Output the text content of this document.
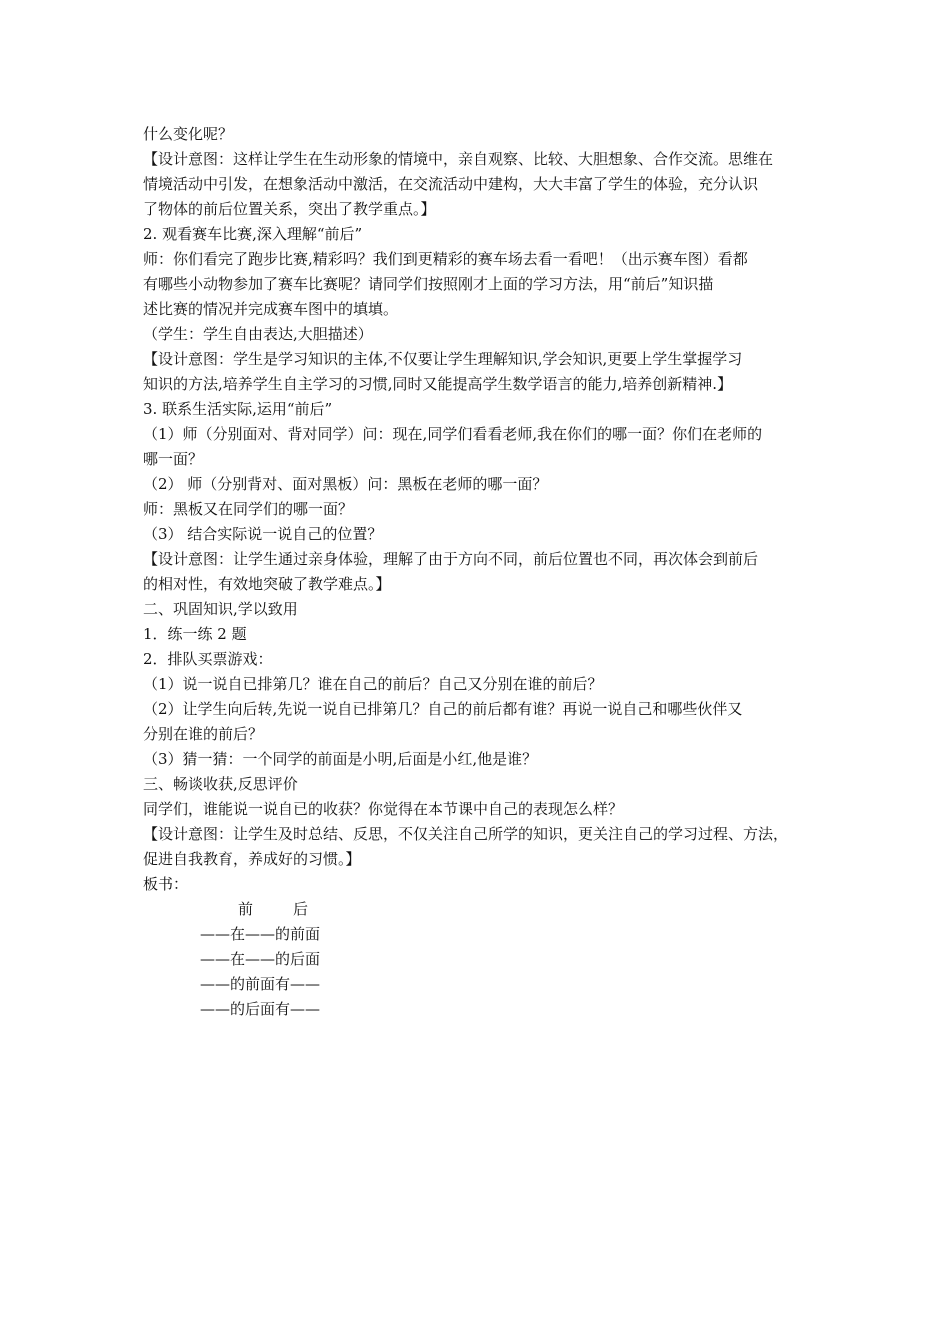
什么变化呢？
【设计意图：这样让学生在生动形象的情境中，亲自观察、比较、大胆想象、合作交流。思维在
情境活动中引发，在想象活动中激活，在交流活动中建构，大大丰富了学生的体验，充分认识
了物体的前后位置关系，突出了教学重点。】
2. 观看赛车比赛,深入理解“前后”
师：你们看完了跑步比赛,精彩吗？我们到更精彩的赛车场去看一看吧！（出示赛车图）看都
有哪些小动物参加了赛车比赛呢？请同学们按照刚才上面的学习方法，用“前后”知识描
述比赛的情况并完成赛车图中的填填。
（学生：学生自由表达,大胆描述）
【设计意图：学生是学习知识的主体,不仅要让学生理解知识,学会知识,更要上学生掌握学习
知识的方法,培养学生自主学习的习惯,同时又能提高学生数学语言的能力,培养创新精神.】
3. 联系生活实际,运用“前后”
（1）师（分别面对、背对同学）问：现在,同学们看看老师,我在你们的哪一面？你们在老师的
哪一面？
（2） 师（分别背对、面对黑板）问：黑板在老师的哪一面？
师：黑板又在同学们的哪一面？
（3） 结合实际说一说自己的位置？
【设计意图：让学生通过亲身体验，理解了由于方向不同，前后位置也不同，再次体会到前后
的相对性，有效地突破了教学难点。】
二、巩固知识,学以致用
1．练一练 2 题
2．排队买票游戏：
（1）说一说自已排第几？谁在自己的前后？自己又分别在谁的前后？
（2）让学生向后转,先说一说自已排第几？自己的前后都有谁？再说一说自己和哪些伙伴又
分别在谁的前后？
（3）猜一猜：一个同学的前面是小明,后面是小红,他是谁？
三、畅谈收获,反思评价
同学们，谁能说一说自已的收获？你觉得在本节课中自己的表现怎么样？
【设计意图：让学生及时总结、反思，不仅关注自己所学的知识，更关注自己的学习过程、方法，
促进自我教育，养成好的习惯。】
板书：
前	后
——在——的前面
——在——的后面
——的前面有——
——的后面有——
